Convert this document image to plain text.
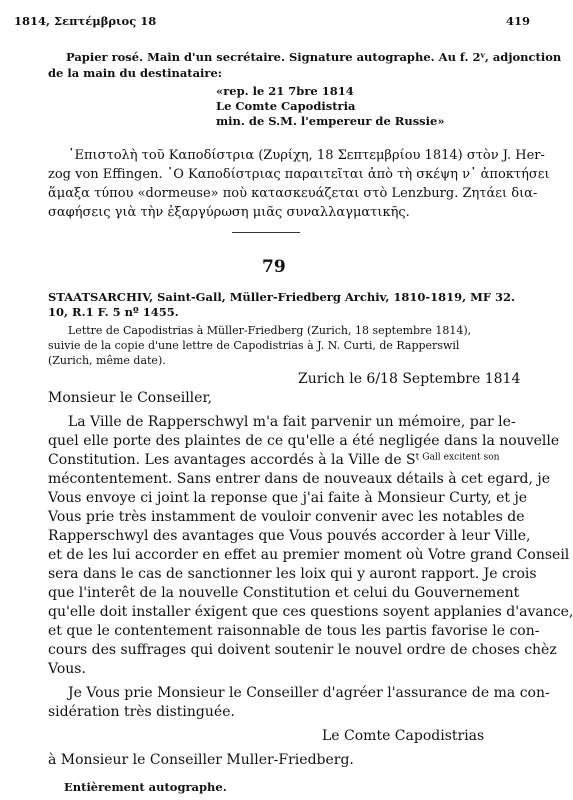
1814, Σεπτέμβριος 18	419
Papier rosé. Main d'un secrétaire. Signature autographe. Au f. 2$^v$, adjonction
de la main du destinataire:
«rep. le 21 7bre 1814
Le Comte Capodistria
min. de S.M. l'empereur de Russie»
᾿Επιστολὴ τοῦ Καποδίστρια (Ζυρίχη, 18 Σεπτεμβρίου 1814) στὸν J. Her-
zog von Effingen. ᾿Ο Καποδίστριας παραιτεῖται ἀπὸ τὴ σκέψη ν᾿ ἀποκτήσει
ἅμαξα τύπου «dormeuse» ποὺ κατασκευάζεται στὸ Lenzburg. Ζητάει δια-
σαφήσεις γιὰ τὴν ἐξαργύρωση μιᾶς συναλλαγματικῆς.
79
STAATSARCHIV, Saint-Gall, Müller-Friedberg Archiv, 1810-1819, MF 32.
10, R.1 F. 5 nº 1455.
Lettre de Capodistrias à Müller-Friedberg (Zurich, 18 septembre 1814),
suivie de la copie d'une lettre de Capodistrias à J. N. Curti, de Rapperswil
(Zurich, même date).
Zurich le 6/18 Septembre 1814
Monsieur le Conseiller,
La Ville de Rapperschwyl m'a fait parvenir un mémoire, par le-
quel elle porte des plaintes de ce qu'elle a été negligée dans la nouvelle
Constitution. Les avantages accordés à la Ville de $S^{t Gall excitent son}$
mécontentement. Sans entrer dans de nouveaux détails à cet egard, je
Vous envoye ci joint la reponse que j'ai faite à Monsieur Curty, et je
Vous prie très instamment de vouloir convenir avec les notables de
Rapperschwyl des avantages que Vous pouvés accorder à leur Ville,
et de les lui accorder en effet au premier moment où Votre grand Conseil
sera dans le cas de sanctionner les loix qui y auront rapport. Je crois
que l'interêt de la nouvelle Constitution et celui du Gouvernement
qu'elle doit installer éxigent que ces questions soyent applanies d'avance,
et que le contentement raisonnable de tous les partis favorise le con-
cours des suffrages qui doivent soutenir le nouvel ordre de choses chèz
Vous.
Je Vous prie Monsieur le Conseiller d'agréer l'assurance de ma con-
sidération très distinguée.
Le Comte Capodistrias
à Monsieur le Conseiller Muller-Friedberg.
Entièrement autographe.
